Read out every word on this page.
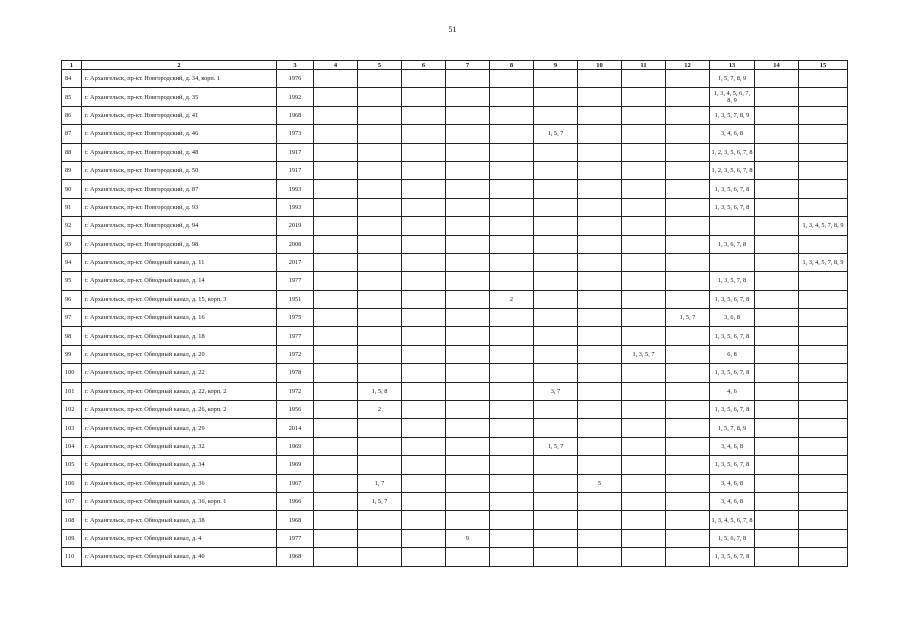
51
1	2	3	4	5	6	7	8	9	10	11	12	13	14	15
84	г. Архангельск, пр-кт. Новгородский, д. 34, корп. 1	1976										1, 5, 7, 8, 9		
85	г. Архангельск, пр-кт. Новгородский, д. 35	1992										1, 3, 4, 5, 6, 7, 8, 9		
86	г. Архангельск, пр-кт. Новгородский, д. 41	1968										1, 3, 5, 7, 8, 9		
87	г. Архангельск, пр-кт. Новгородский, д. 46	1973						1, 5, 7				3, 4, 6, 8		
88	г. Архангельск, пр-кт. Новгородский, д. 48	1917										1, 2, 3, 5, 6, 7, 8		
89	г. Архангельск, пр-кт. Новгородский, д. 50	1917										1, 2, 3, 5, 6, 7, 8		
90	г. Архангельск, пр-кт. Новгородский, д. 87	1993										1, 3, 5, 6, 7, 8		
91	г. Архангельск, пр-кт. Новгородский, д. 93	1993										1, 3, 5, 6, 7, 8		
92	г. Архангельск, пр-кт. Новгородский, д. 94	2019												1, 3, 4, 5, 7, 8, 9
93	г. Архангельск, пр-кт. Новгородский, д. 98	2008										1, 3, 6, 7, 8		
94	г. Архангельск, пр-кт. Обводный канал, д. 11	2017												1, 3, 4, 5, 7, 8, 9
95	г. Архангельск, пр-кт. Обводный канал, д. 14	1977										1, 3, 5, 7, 8		
96	г. Архангельск, пр-кт. Обводный канал, д. 15, корп. 3	1951					2					1, 3, 5, 6, 7, 8		
97	г. Архангельск, пр-кт. Обводный канал, д. 16	1975									1, 5, 7	3, 6, 8		
98	г. Архангельск, пр-кт. Обводный канал, д. 18	1977										1, 3, 5, 6, 7, 8		
99	г. Архангельск, пр-кт. Обводный канал, д. 20	1972								1, 3, 5, 7		6, 8		
100	г. Архангельск, пр-кт. Обводный канал, д. 22	1978										1, 3, 5, 6, 7, 8		
101	г. Архангельск, пр-кт. Обводный канал, д. 22, корп. 2	1972		1, 5, 8				3, 7				4, 6		
102	г. Архангельск, пр-кт. Обводный канал, д. 26, корп. 2	1956		2								1, 3, 5, 6, 7, 8		
103	г. Архангельск, пр-кт. Обводный канал, д. 29	2014										1, 5, 7, 8, 9		
104	г. Архангельск, пр-кт. Обводный канал, д. 32	1969						1, 5, 7				3, 4, 6, 8		
105	г. Архангельск, пр-кт. Обводный канал, д. 34	1969										1, 3, 5, 6, 7, 8		
106	г. Архангельск, пр-кт. Обводный канал, д. 36	1967		1, 7					5			3, 4, 6, 8		
107	г. Архангельск, пр-кт. Обводный канал, д. 36, корп. 1	1966		1, 5, 7								3, 4, 6, 8		
108	г. Архангельск, пр-кт. Обводный канал, д. 38	1968										1, 3, 4, 5, 6, 7, 8		
109	г. Архангельск, пр-кт. Обводный канал, д. 4	1977				9						1, 5, 6, 7, 8		
110	г. Архангельск, пр-кт. Обводный канал, д. 40	1968										1, 3, 5, 6, 7, 8		
